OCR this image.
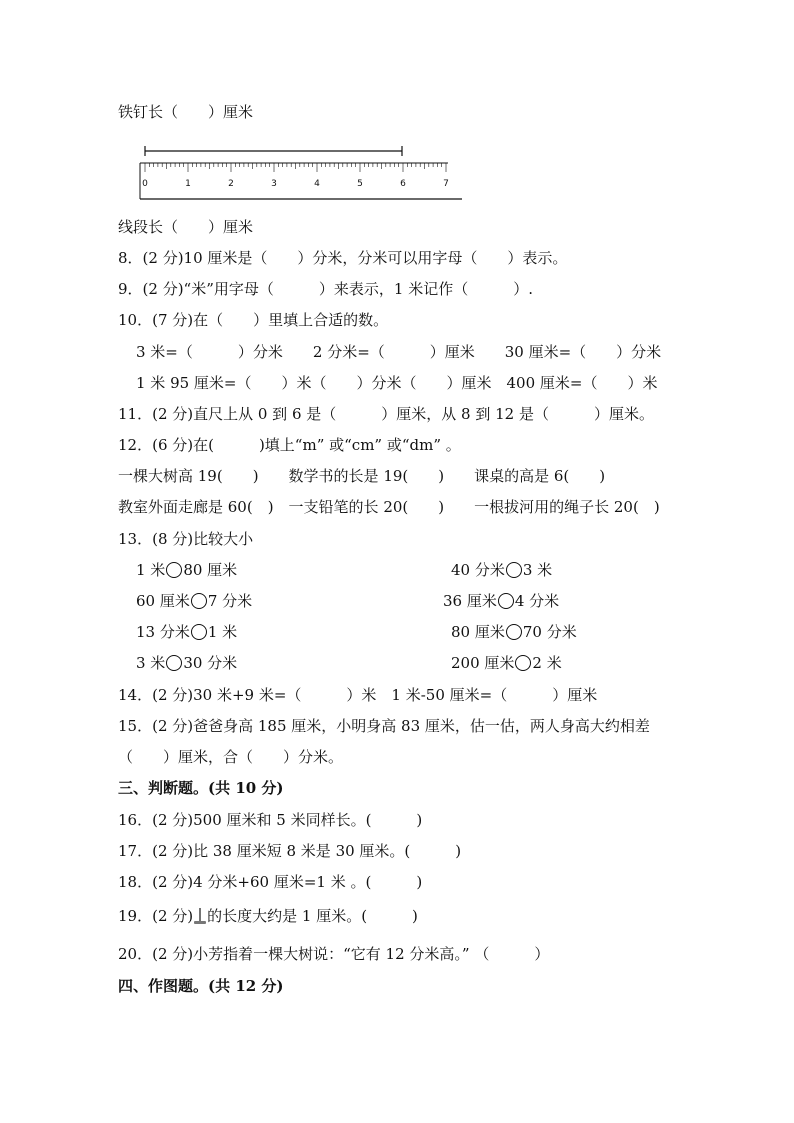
铁钉长（　　）厘米
0	1	2	3	4	5	6	7
线段长（　　）厘米
8．(2 分)10 厘米是（　　）分米，分米可以用字母（　　）表示。
9．(2 分)“米”用字母（　　　）来表示，1 米记作（　　　）.
10．(7 分)在（　　）里填上合适的数。
3 米=（　　　）分米　　2 分米=（　　　）厘米　　30 厘米=（　　）分米
1 米 95 厘米=（　　）米（　　）分米（　　）厘米　400 厘米=（　　）米
11．(2 分)直尺上从 0 到 6 是（　　　）厘米，从 8 到 12 是（　　　）厘米。
12．(6 分)在(　　　)填上“m” 或“cm” 或“dm” 。
一棵大树高 19(　　)　　数学书的长是 19(　　)　　课桌的高是 6(　　)
教室外面走廊是 60(　)　一支铅笔的长 20(　　)　　一根拔河用的绳子长 20(　)
13．(8 分)比较大小
1 米 80 厘米	40 分米 3 米
60 厘米 7 分米	36 厘米 4 分米
13 分米 1 米	80 厘米 70 分米
3 米 30 分米	200 厘米 2 米
14．(2 分)30 米+9 米=（　　　）米　1 米-50 厘米=（　　　）厘米
15．(2 分)爸爸身高 185 厘米，小明身高 83 厘米，估一估，两人身高大约相差
（　　）厘米，合（　　）分米。
三、判断题。(共 10 分)
16．(2 分)500 厘米和 5 米同样长。(　　　)
17．(2 分)比 38 厘米短 8 米是 30 厘米。(　　　)
18．(2 分)4 分米+60 厘米=1 米 。(　　　)
19．(2 分) 的长度大约是 1 厘米。(　　　)
20．(2 分)小芳指着一棵大树说：“它有 12 分米高。” （　　　）
四、作图题。(共 12 分)
